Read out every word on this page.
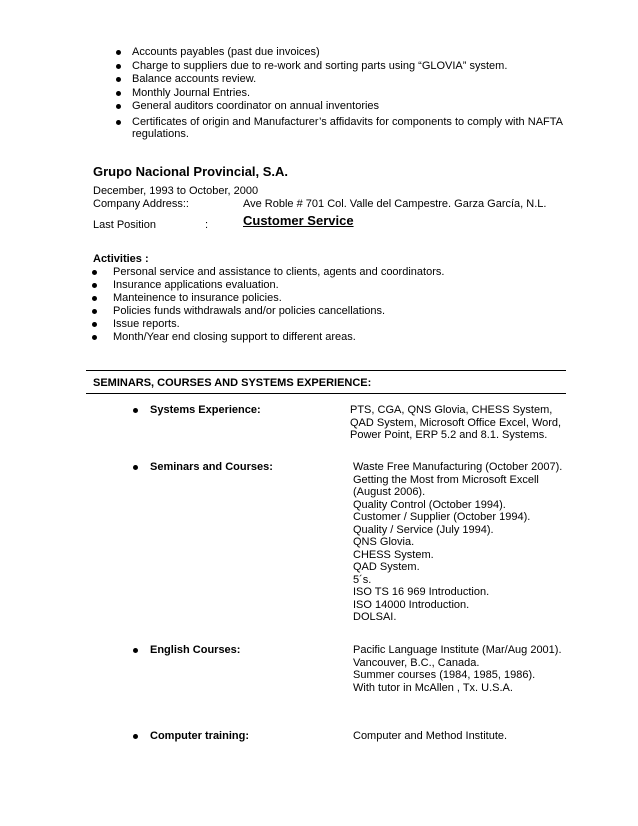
Accounts payables (past due invoices)
Charge to suppliers due to re-work and sorting parts using “GLOVIA” system.
Balance accounts review.
Monthly Journal Entries.
General auditors coordinator on annual inventories
Certificates of origin and Manufacturer’s affidavits for components to comply with NAFTA regulations.
Grupo Nacional Provincial, S.A.
December, 1993 to October, 2000
Company Address::	Ave Roble # 701 Col. Valle del Campestre. Garza García, N.L.
Last Position	:	Customer Service
Activities :
Personal service and assistance to clients, agents and coordinators.
Insurance applications evaluation.
Manteinence to insurance policies.
Policies funds withdrawals and/or policies cancellations.
Issue reports.
Month/Year end closing support to different areas.
SEMINARS, COURSES AND SYSTEMS EXPERIENCE:
Systems Experience:	PTS, CGA, QNS Glovia, CHESS System,
QAD System, Microsoft Office Excel, Word,
Power Point, ERP 5.2 and 8.1. Systems.
Seminars and Courses:	Waste Free Manufacturing (October 2007).
Getting the Most from Microsoft Excell
(August 2006).
Quality Control (October 1994).
Customer / Supplier (October 1994).
Quality / Service (July 1994).
QNS Glovia.
CHESS System.
QAD System.
5´s.
ISO TS 16 969 Introduction.
ISO 14000 Introduction.
DOLSAI.
English Courses:	Pacific Language Institute (Mar/Aug 2001).
Vancouver, B.C., Canada.
Summer courses (1984, 1985, 1986).
With tutor in McAllen , Tx. U.S.A.
Computer training:	Computer and Method Institute.
